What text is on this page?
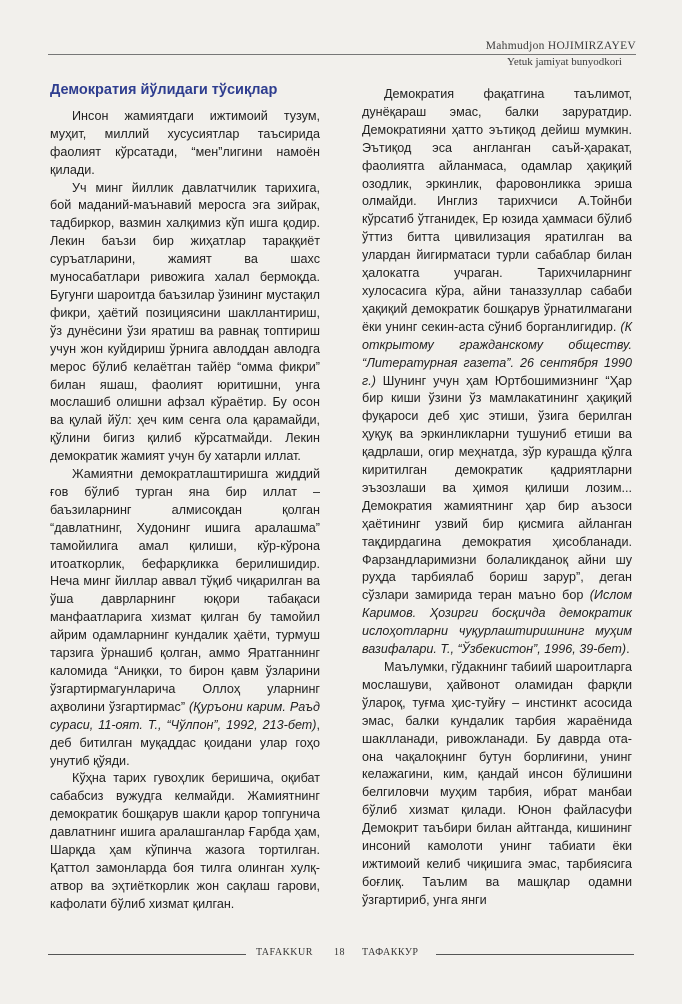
Mahmudjon HOJIMIRZAYEV
Yetuk jamiyat bunyodkori
Демократия йўлидаги тўсиқлар

Инсон жамиятдаги ижтимоий тузум, муҳит, миллий хусусиятлар таъсирида фаолият кўрсатади, “мен”лигини намоён қилади.

Уч минг йиллик давлатчилик тарихига, бой маданий-маънавий меросга эга зийрак, тадбиркор, вазмин халқимиз кўп ишга қодир. Лекин баъзи бир жиҳатлар тараққиёт суръатларини, жамият ва шахс муносабатлари ривожига халал бермоқда. Бугунги шароитда баъзилар ўзининг мустақил фикри, ҳаётий позициясини шакллантириш, ўз дунёсини ўзи яратиш ва равнақ топтириш учун жон куйдириш ўрнига авлоддан авлодга мерос бўлиб келаётган тайёр “омма фикри” билан яшаш, фаолият юритишни, унга мослашиб олишни афзал кўраётир. Бу осон ва қулай йўл: ҳеч ким сенга ола қарамайди, қўлини бигиз қилиб кўрсатмайди. Лекин демократик жамият учун бу хатарли иллат.

Жамиятни демократлаштиришга жиддий ғов бўлиб турган яна бир иллат – баъзиларнинг алмисоқдан қолган “давлатнинг, Худонинг ишига аралашма” тамойилига амал қилиши, кўр-кўрона итоаткорлик, бефарқликка берилишидир. Неча минг йиллар аввал тўқиб чиқарилган ва ўша даврларнинг юқори табақаси манфаатларига хизмат қилган бу тамойил айрим одамларнинг кундалик ҳаёти, турмуш тарзига ўрнашиб қолган, аммо Яратганнинг каломида “Аниқки, то бирон қавм ўзларини ўзгартирмагунларича Оллоҳ уларнинг аҳволини ўзгартирмас” (Қуръони карим. Раъд сураси, 11-оят. Т., “Чўлпон”, 1992, 213-бет), деб битилган муқаддас қоидани улар гоҳо унутиб қўяди.

Кўҳна тарих гувоҳлик беришича, оқибат сабабсиз вужудга келмайди. Жамиятнинг демократик бошқарув шакли қарор топгунича давлатнинг ишига аралашганлар Ғарбда ҳам, Шарқда ҳам кўпинча жазога тортилган. Қаттол замонларда боя тилга олинган хулқ-атвор ва эҳтиёткорлик жон сақлаш гарови, кафолати бўлиб хизмат қилган.

Демократия фақатгина таълимот, дунёқараш эмас, балки заруратдир. Демократияни ҳатто эътиқод дейиш мумкин. Эътиқод эса англанган саъй-ҳаракат, фаолиятга айланмаса, одамлар ҳақиқий озодлик, эркинлик, фаровонликка эриша олмайди. Инглиз тарихчиси А.Тойнби кўрсатиб ўтганидек, Ер юзида ҳаммаси бўлиб ўттиз битта цивилизация яратилган ва улардан йигирматаси турли сабаблар билан ҳалокатга учраган. Тарихчиларнинг хулосасига кўра, айни таназзуллар сабаби ҳақиқий демократик бошқарув ўрнатилмагани ёки унинг секин-аста сўниб борганлигидир. (К открытому гражданскому обществу. “Литературная газета”. 26 сентября 1990 г.) Шунинг учун ҳам Юртбошимизнинг “Ҳар бир киши ўзини ўз мамлакатининг ҳақиқий фуқароси деб ҳис этиши, ўзига берилган ҳуқуқ ва эркинликларни тушуниб етиши ва қадрлаши, огир меҳнатда, зўр курашда қўлга киритилган демократик қадриятларни эъзозлаши ва ҳимоя қилиши лозим... Демократия жамиятнинг ҳар бир аъзоси ҳаётининг узвий бир қисмига айланган тақдирдагина демократия ҳисобланади. Фарзандларимизни болаликданоқ айни шу руҳда тарбиялаб бориш зарур”, деган сўзлари замирида теран маъно бор (Ислом Каримов. Ҳозирги босқичда демократик ислоҳотларни чуқурлаштиришнинг муҳим вазифалари. Т., “Ўзбекистон”, 1996, 39-бет).

Маълумки, гўдакнинг табиий шароитларга мослашуви, ҳайвонот оламидан фарқли ўлароқ, туғма ҳис-туйғу – инстинкт асосида эмас, балки кундалик тарбия жараёнида шаклланади, ривожланади. Бу даврда ота-она чақалоқнинг бутун борлиғини, унинг келажагини, ким, қандай инсон бўлишини белгиловчи муҳим тарбия, ибрат манбаи бўлиб хизмат қилади. Юнон файласуфи Демокрит таъбири билан айтганда, кишининг инсоний камолоти унинг табиати ёки ижтимоий келиб чиқишига эмас, тарбиясига боғлиқ. Таълим ва машқлар одамни ўзгартириб, унга янги

TAFAKKUR 18 ТАФАККУР
